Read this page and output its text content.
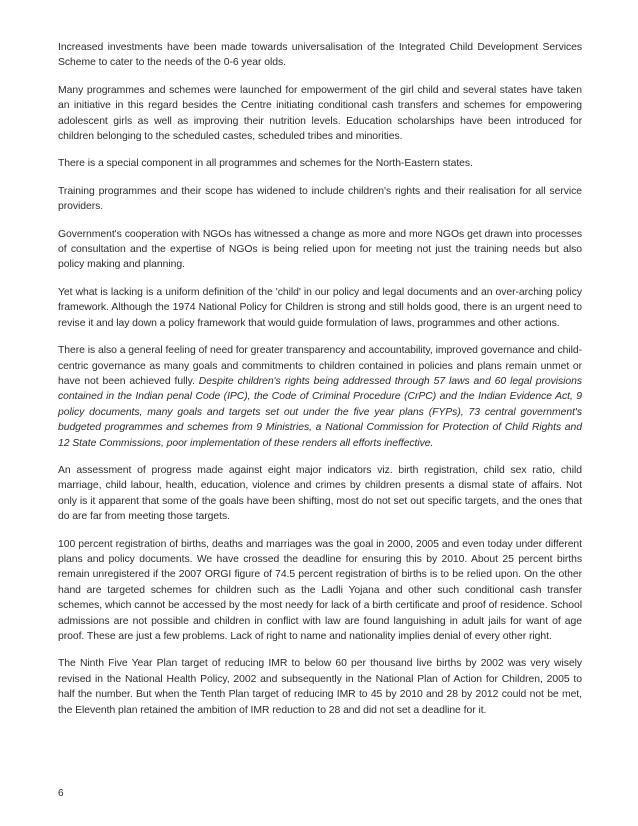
Increased investments have been made towards universalisation of the Integrated Child Development Services Scheme to cater to the needs of the 0-6 year olds.

Many programmes and schemes were launched for empowerment of the girl child and several states have taken an initiative in this regard besides the Centre initiating conditional cash transfers and schemes for empowering adolescent girls as well as improving their nutrition levels. Education scholarships have been introduced for children belonging to the scheduled castes, scheduled tribes and minorities.

There is a special component in all programmes and schemes for the North-Eastern states.

Training programmes and their scope has widened to include children's rights and their realisation for all service providers.

Government's cooperation with NGOs has witnessed a change as more and more NGOs get drawn into processes of consultation and the expertise of NGOs is being relied upon for meeting not just the training needs but also policy making and planning.

Yet what is lacking is a uniform definition of the 'child' in our policy and legal documents and an over-arching policy framework. Although the 1974 National Policy for Children is strong and still holds good, there is an urgent need to revise it and lay down a policy framework that would guide formulation of laws, programmes and other actions.

There is also a general feeling of need for greater transparency and accountability, improved governance and child-centric governance as many goals and commitments to children contained in policies and plans remain unmet or have not been achieved fully. Despite children's rights being addressed through 57 laws and 60 legal provisions contained in the Indian penal Code (IPC), the Code of Criminal Procedure (CrPC) and the Indian Evidence Act, 9 policy documents, many goals and targets set out under the five year plans (FYPs), 73 central government's budgeted programmes and schemes from 9 Ministries, a National Commission for Protection of Child Rights and 12 State Commissions, poor implementation of these renders all efforts ineffective.

An assessment of progress made against eight major indicators viz. birth registration, child sex ratio, child marriage, child labour, health, education, violence and crimes by children presents a dismal state of affairs. Not only is it apparent that some of the goals have been shifting, most do not set out specific targets, and the ones that do are far from meeting those targets.

100 percent registration of births, deaths and marriages was the goal in 2000, 2005 and even today under different plans and policy documents. We have crossed the deadline for ensuring this by 2010. About 25 percent births remain unregistered if the 2007 ORGI figure of 74.5 percent registration of births is to be relied upon. On the other hand are targeted schemes for children such as the Ladli Yojana and other such conditional cash transfer schemes, which cannot be accessed by the most needy for lack of a birth certificate and proof of residence. School admissions are not possible and children in conflict with law are found languishing in adult jails for want of age proof. These are just a few problems. Lack of right to name and nationality implies denial of every other right.

The Ninth Five Year Plan target of reducing IMR to below 60 per thousand live births by 2002 was very wisely revised in the National Health Policy, 2002 and subsequently in the National Plan of Action for Children, 2005 to half the number. But when the Tenth Plan target of reducing IMR to 45 by 2010 and 28 by 2012 could not be met, the Eleventh plan retained the ambition of IMR reduction to 28 and did not set a deadline for it.

6
